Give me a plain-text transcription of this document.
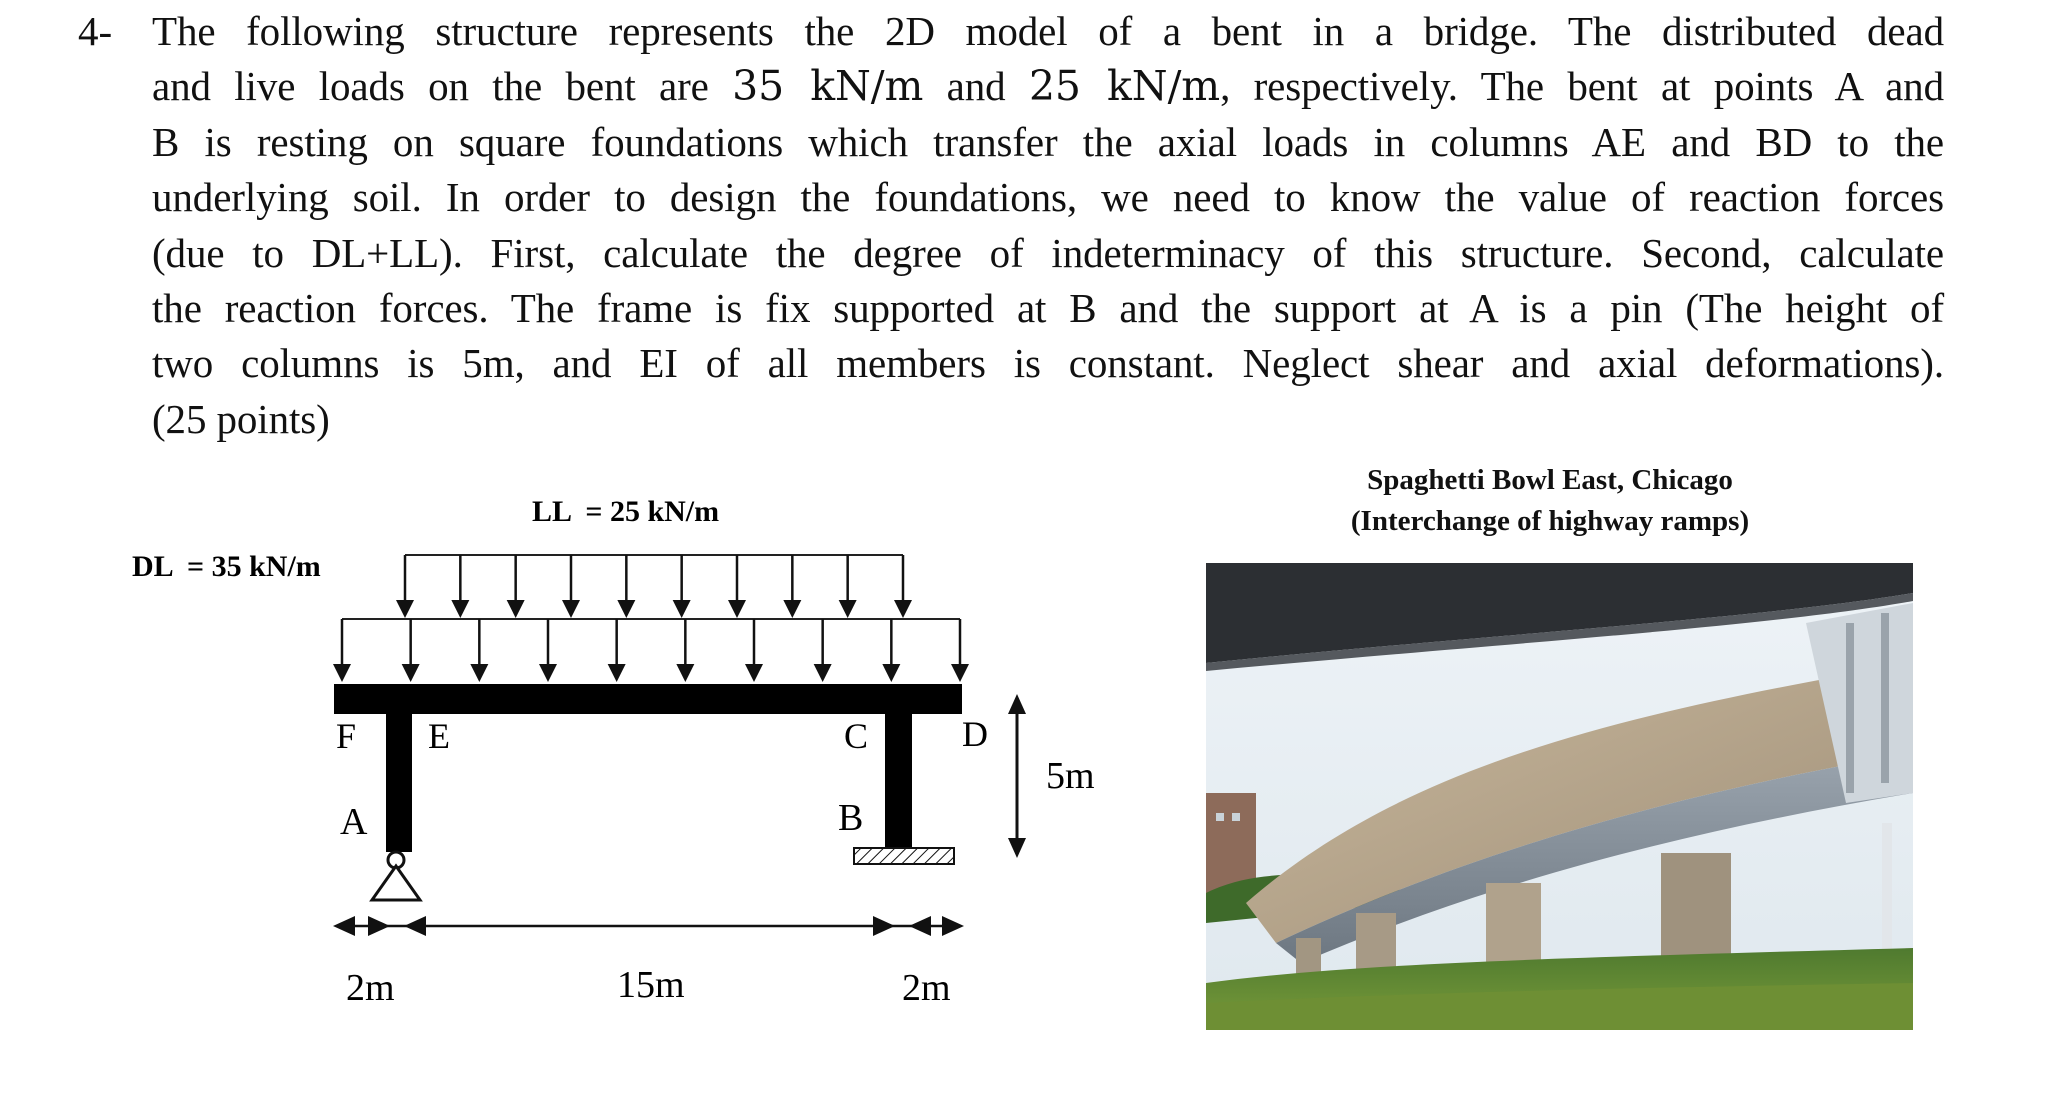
4- The following structure represents the 2D model of a bent in a bridge. The distributed dead
and live loads on the bent are 35 kN/m and 25 kN/m, respectively. The bent at points A and
B is resting on square foundations which transfer the axial loads in columns AE and BD to the
underlying soil. In order to design the foundations, we need to know the value of reaction forces
(due to DL+LL). First, calculate the degree of indeterminacy of this structure. Second, calculate
the reaction forces. The frame is fix supported at B and the support at A is a pin (The height of
two columns is 5m, and EI of all members is constant. Neglect shear and axial deformations).
(25 points)
LL  = 25 kN/m
DL  = 35 kN/m
F E	C	D
A	B
5m
2m	15m	2m
Spaghetti Bowl East, Chicago
(Interchange of highway ramps)
